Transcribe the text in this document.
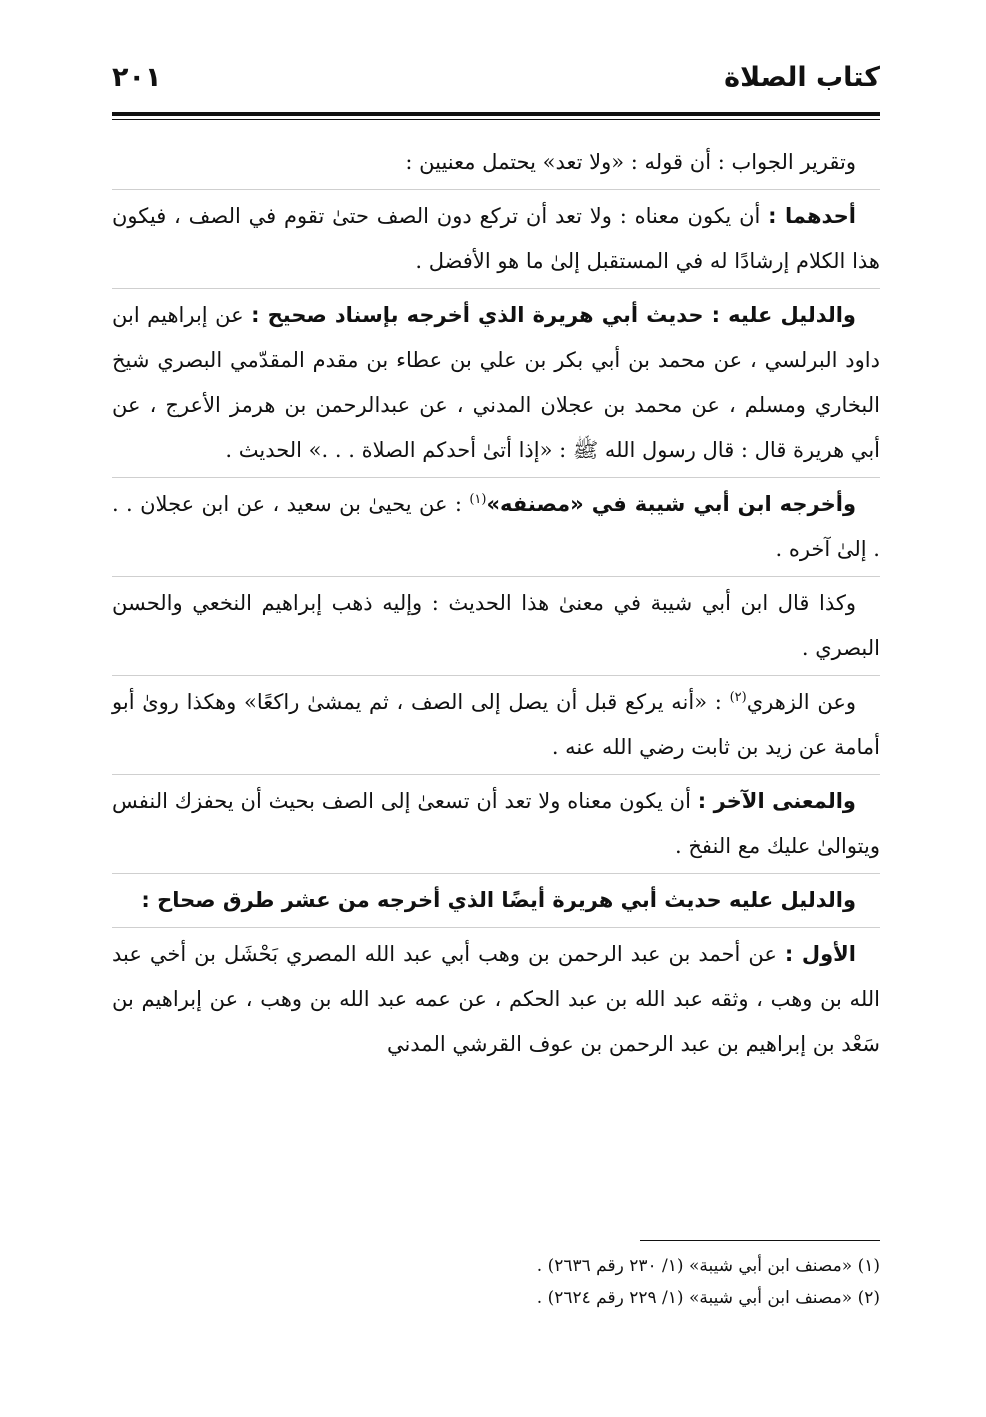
كتاب الصلاة
٢٠١

وتقرير الجواب : أن قوله : «ولا تعد» يحتمل معنيين :

أحدهما : أن يكون معناه : ولا تعد أن تركع دون الصف حتىٰ تقوم في الصف ، فيكون هذا الكلام إرشادًا له في المستقبل إلىٰ ما هو الأفضل .

والدليل عليه : حديث أبي هريرة الذي أخرجه بإسناد صحيح : عن إبراهيم ابن داود البرلسي ، عن محمد بن أبي بكر بن علي بن عطاء بن مقدم المقدّمي البصري شيخ البخاري ومسلم ، عن محمد بن عجلان المدني ، عن عبدالرحمن بن هرمز الأعرج ، عن أبي هريرة قال : قال رسول الله ﷺ : «إذا أتىٰ أحدكم الصلاة . . .» الحديث .

وأخرجه ابن أبي شيبة في «مصنفه»$^{(١)}$ : عن يحيىٰ بن سعيد ، عن ابن عجلان . . . إلىٰ آخره .

وكذا قال ابن أبي شيبة في معنىٰ هذا الحديث : وإليه ذهب إبراهيم النخعي والحسن البصري .

وعن الزهري$^{(٢)}$ : «أنه يركع قبل أن يصل إلى الصف ، ثم يمشىٰ راكعًا» وهكذا روىٰ أبو أمامة عن زيد بن ثابت رضي الله عنه .

والمعنى الآخر : أن يكون معناه ولا تعد أن تسعىٰ إلى الصف بحيث أن يحفزك النفس ويتوالىٰ عليك مع النفخ .

والدليل عليه حديث أبي هريرة أيضًا الذي أخرجه من عشر طرق صحاح :

الأول : عن أحمد بن عبد الرحمن بن وهب أبي عبد الله المصري بَحْشَل بن أخي عبد الله بن وهب ، وثقه عبد الله بن عبد الحكم ، عن عمه عبد الله بن وهب ، عن إبراهيم بن سَعْد بن إبراهيم بن عبد الرحمن بن عوف القرشي المدني

(١) «مصنف ابن أبي شيبة» (١/ ٢٣٠ رقم ٢٦٣٦) .

(٢) «مصنف ابن أبي شيبة» (١/ ٢٢٩ رقم ٢٦٢٤) .
